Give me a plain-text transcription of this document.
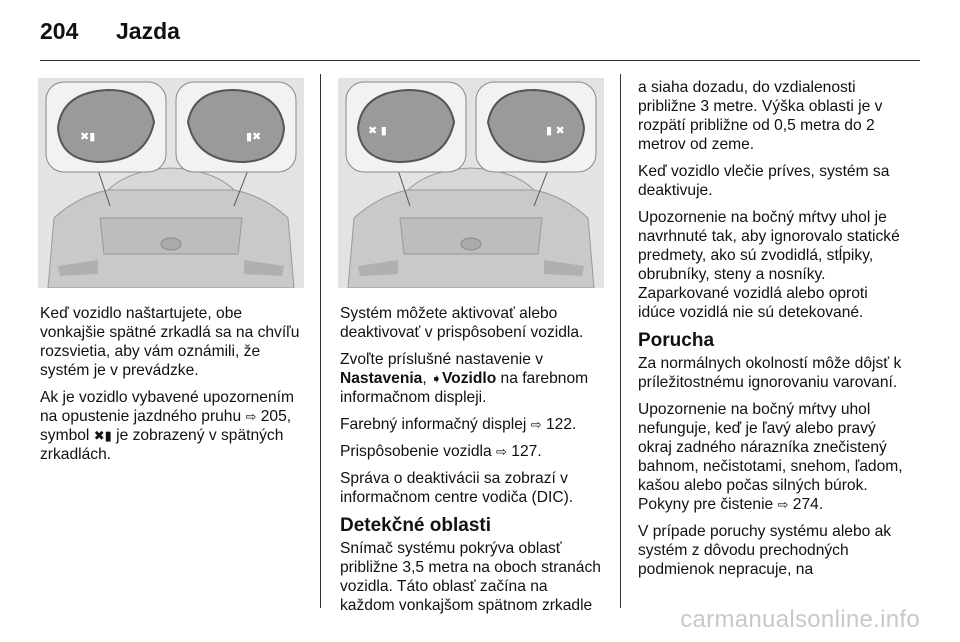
204 Jazda
✖▮	▮✖	✖ ▮	▮ ✖

Keď vozidlo naštartujete, obe vonkajšie spätné zrkadlá sa na chvíľu rozsvietia, aby vám oznámili, že systém je v prevádzke.

Ak je vozidlo vybavené upozornením na opustenie jazdného pruhu ⇨ 205, symbol ✖▮ je zobrazený v spätných zrkadlách.

Systém môžete aktivovať alebo deaktivovať v prispôsobení vozidla.

Zvoľte príslušné nastavenie v Nastavenia, ➧Vozidlo na farebnom informačnom displeji.

Farebný informačný displej ⇨ 122.

Prispôsobenie vozidla ⇨ 127.

Správa o deaktivácii sa zobrazí v informačnom centre vodiča (DIC).

Detekčné oblasti

Snímač systému pokrýva oblasť približne 3,5 metra na oboch stranách vozidla. Táto oblasť začína na každom vonkajšom spätnom zrkadle

a siaha dozadu, do vzdialenosti približne 3 metre. Výška oblasti je v rozpätí približne od 0,5 metra do 2 metrov od zeme.

Keď vozidlo vlečie príves, systém sa deaktivuje.

Upozornenie na bočný mŕtvy uhol je navrhnuté tak, aby ignorovalo statické predmety, ako sú zvodidlá, stĺpiky, obrubníky, steny a nosníky. Zaparkované vozidlá alebo oproti idúce vozidlá nie sú detekované.

Porucha

Za normálnych okolností môže dôjsť k príležitostnému ignorovaniu varovaní.

Upozornenie na bočný mŕtvy uhol nefunguje, keď je ľavý alebo pravý okraj zadného nárazníka znečistený bahnom, nečistotami, snehom, ľadom, kašou alebo počas silných búrok. Pokyny pre čistenie ⇨ 274.

V prípade poruchy systému alebo ak systém z dôvodu prechodných podmienok nepracuje, na

carmanualsonline.info
